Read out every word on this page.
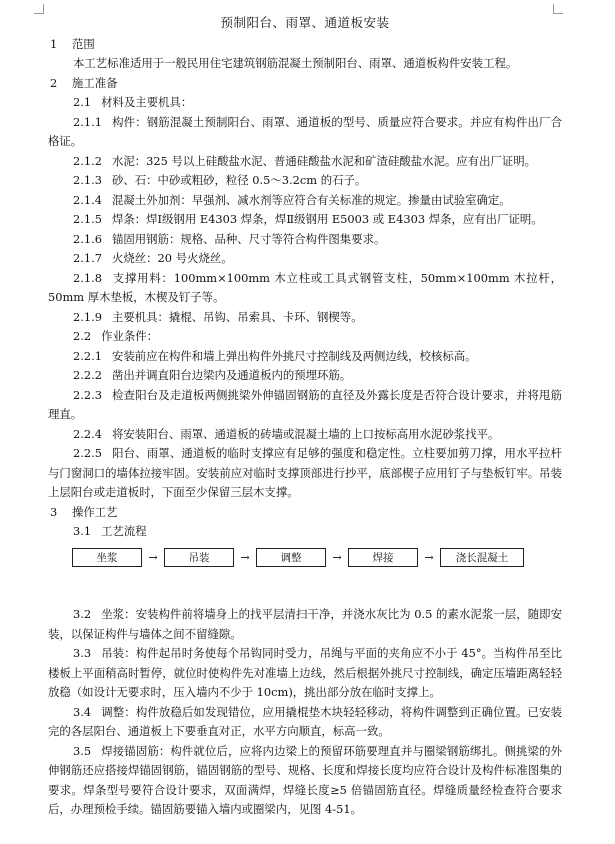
预制阳台、雨罩、通道板安装
1 范围
本工艺标准适用于一般民用住宅建筑钢筋混凝土预制阳台、雨罩、通道板构件安装工程。
2 施工准备
2.1 材料及主要机具：
2.1.1 构件：钢筋混凝土预制阳台、雨罩、通道板的型号、质量应符合要求。并应有构件出厂合格证。
2.1.2 水泥：325 号以上硅酸盐水泥、普通硅酸盐水泥和矿渣硅酸盐水泥。应有出厂证明。
2.1.3 砂、石：中砂或粗砂，粒径 0.5～3.2cm 的石子。
2.1.4 混凝土外加剂：早强剂、减水剂等应符合有关标准的规定。掺量由试验室确定。
2.1.5 焊条：焊Ⅰ级钢用 E4303 焊条，焊Ⅱ级钢用 E5003 或 E4303 焊条，应有出厂证明。
2.1.6 锚固用钢筋：规格、品种、尺寸等符合构件图集要求。
2.1.7 火烧丝：20 号火烧丝。
2.1.8 支撑用料：100mm×100mm 木立柱或工具式钢管支柱，50mm×100mm 木拉杆，50mm 厚木垫板，木楔及钉子等。
2.1.9 主要机具：撬棍、吊钩、吊索具、卡环、钢楔等。
2.2 作业条件：
2.2.1 安装前应在构件和墙上弹出构件外挑尺寸控制线及两侧边线，校核标高。
2.2.2 凿出并调直阳台边梁内及通道板内的预埋环筋。
2.2.3 检查阳台及走道板两侧挑梁外伸锚固钢筋的直径及外露长度是否符合设计要求，并将甩筋理直。
2.2.4 将安装阳台、雨罩、通道板的砖墙或混凝土墙的上口按标高用水泥砂浆找平。
2.2.5 阳台、雨罩、通道板的临时支撑应有足够的强度和稳定性。立柱要加剪刀撑，用水平拉杆与门窗洞口的墙体拉接牢固。安装前应对临时支撑顶部进行抄平，底部楔子应用钉子与垫板钉牢。吊装上层阳台或走道板时，下面至少保留三层木支撑。
3 操作工艺
3.1 工艺流程
坐浆	→	吊装	→	调整	→	焊接	→	浇长混凝土
3.2 坐浆：安装构件前将墙身上的找平层清扫干净，并浇水灰比为 0.5 的素水泥浆一层，随即安装，以保证构件与墙体之间不留缝隙。
3.3 吊装：构件起吊时务使每个吊钩同时受力，吊绳与平面的夹角应不小于 45°。当构件吊至比楼板上平面稍高时暂停，就位时使构件先对准墙上边线，然后根据外挑尺寸控制线，确定压墙距离轻轻放稳（如设计无要求时，压入墙内不少于 10cm)，挑出部分放在临时支撑上。
3.4 调整：构件放稳后如发现错位，应用撬棍垫木块轻轻移动，将构件调整到正确位置。已安装完的各层阳台、通道板上下要垂直对正，水平方向顺直，标高一致。
3.5 焊接锚固筋：构件就位后，应将内边梁上的预留环筋要理直并与圈梁钢筋绑扎。侧挑梁的外伸钢筋还应搭接焊锚固钢筋，锚固钢筋的型号、规格、长度和焊接长度均应符合设计及构件标准图集的要求。焊条型号要符合设计要求，双面满焊，焊缝长度≥5 倍锚固筋直径。焊缝质量经检查符合要求后，办理预检手续。锚固筋要锚入墙内或圈梁内，见图 4-51。
